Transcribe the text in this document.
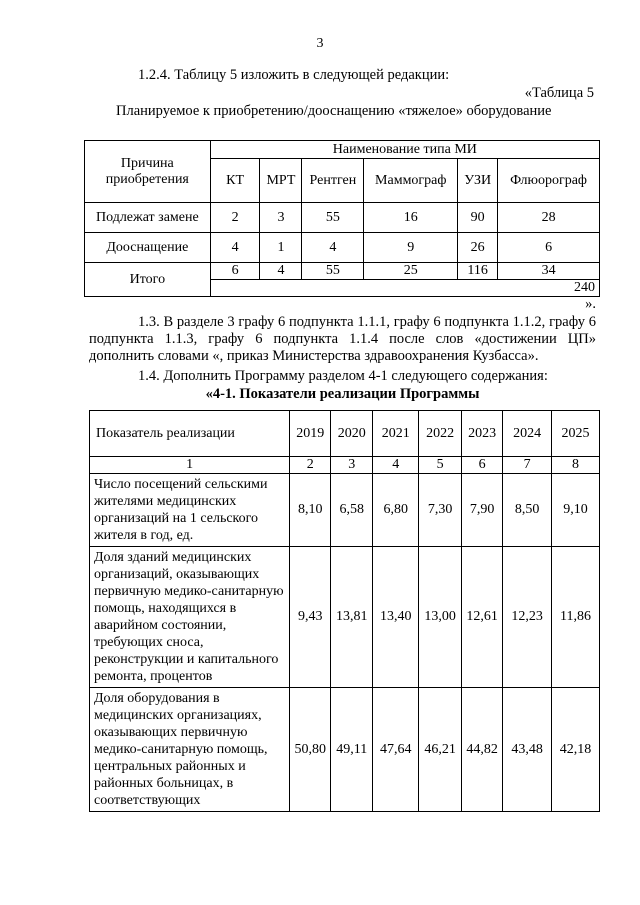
3

1.2.4. Таблицу 5 изложить в следующей редакции:

«Таблица 5

Планируемое к приобретению/дооснащению «тяжелое» оборудование

Причина приобретения	Наименование типа МИ					
	КТ	МРТ	Рентген	Маммограф	УЗИ	Флюорограф
Подлежат замене	2	3	55	16	90	28
Дооснащение	4	1	4	9	26	6
Итого	6	4	55	25	116	34
	240					

».

1.3. В разделе 3 графу 6 подпункта 1.1.1, графу 6 подпункта 1.1.2, графу 6 подпункта 1.1.3, графу 6 подпункта 1.1.4 после слов «достижении ЦП» дополнить словами «, приказ Министерства здравоохранения Кузбасса».

1.4. Дополнить Программу разделом 4-1 следующего содержания:

«4-1. Показатели реализации Программы

Показатель реализации	2019	2020	2021	2022	2023	2024	2025
1	2	3	4	5	6	7	8
Число посещений сельскими жителями медицинских организаций на 1 сельского жителя в год, ед.	8,10	6,58	6,80	7,30	7,90	8,50	9,10
Доля зданий медицинских организаций, оказывающих первичную медико-санитарную помощь, находящихся в аварийном состоянии, требующих сноса, реконструкции и капитального ремонта, процентов	9,43	13,81	13,40	13,00	12,61	12,23	11,86
Доля оборудования в медицинских организациях, оказывающих первичную медико-санитарную помощь, центральных районных и районных больницах, в соответствующих	50,80	49,11	47,64	46,21	44,82	43,48	42,18
